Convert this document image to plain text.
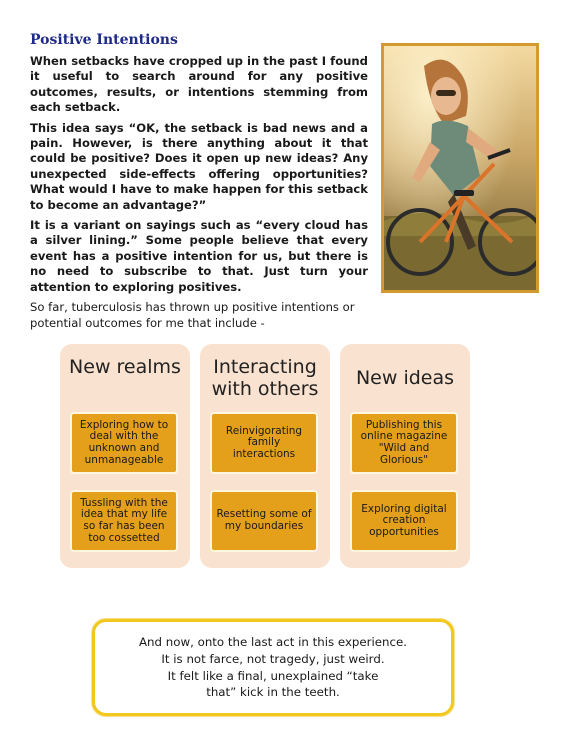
Positive Intentions

When setbacks have cropped up in the past I found it useful to search around for any positive outcomes, results, or intentions stemming from each setback.

This idea says “OK, the setback is bad news and a pain. However, is there anything about it that could be positive? Does it open up new ideas? Any unexpected side-effects offering opportunities? What would I have to make happen for this setback to become an advantage?”

It is a variant on sayings such as “every cloud has a silver lining.” Some people believe that every event has a positive intention for us, but there is no need to subscribe to that. Just turn your attention to exploring positives.

So far, tuberculosis has thrown up positive intentions or potential outcomes for me that include -

New realms
Exploring how to deal with the unknown and unmanageable
Tussling with the idea that my life so far has been too cossetted
Interacting with others
Reinvigorating family interactions
Resetting some of my boundaries
New ideas
Publishing this online magazine "Wild and Glorious"
Exploring digital creation opportunities

And now, onto the last act in this experience.

It is not farce, not tragedy, just weird.

It felt like a final, unexplained “take that” kick in the teeth.
